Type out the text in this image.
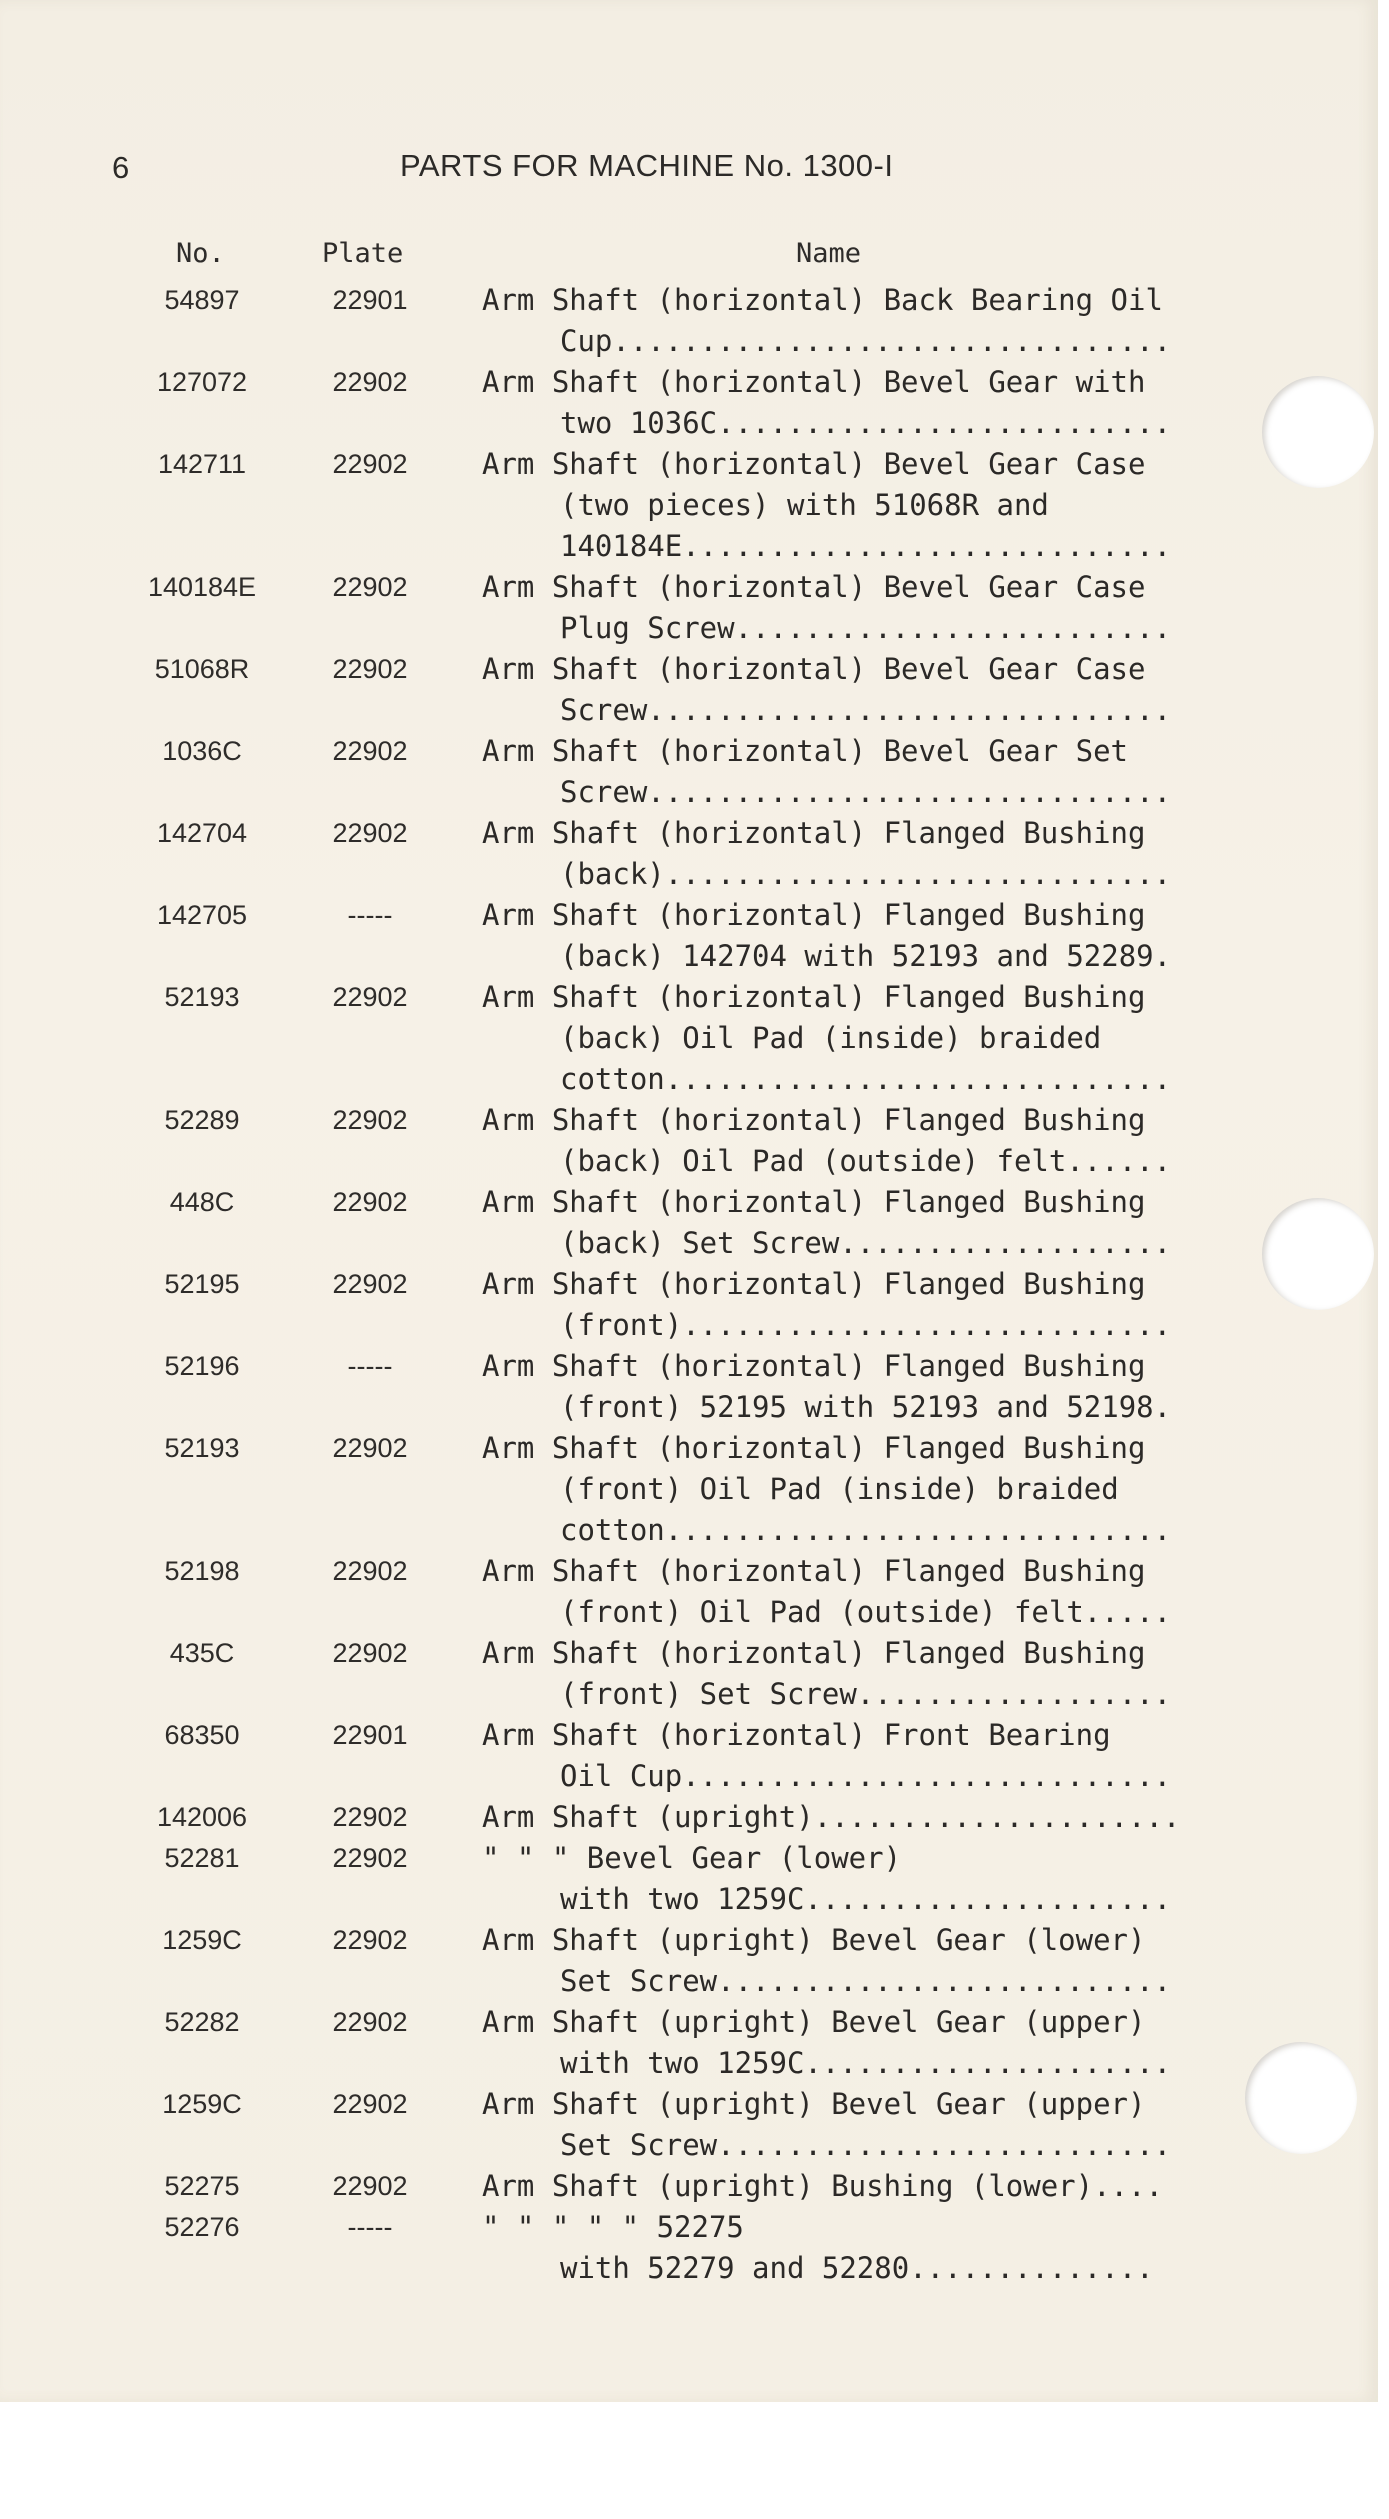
6	PARTS FOR MACHINE No. 1300-I
No.	Plate	Name
54897	22901	Arm Shaft (horizontal) Back Bearing Oil
Cup................................
127072	22902	Arm Shaft (horizontal) Bevel Gear with
two 1036C..........................
142711	22902	Arm Shaft (horizontal) Bevel Gear Case
(two pieces) with 51068R and
140184E............................
140184E	22902	Arm Shaft (horizontal) Bevel Gear Case
Plug Screw.........................
51068R	22902	Arm Shaft (horizontal) Bevel Gear Case
Screw..............................
1036C	22902	Arm Shaft (horizontal) Bevel Gear Set
Screw..............................
142704	22902	Arm Shaft (horizontal) Flanged Bushing
(back).............................
142705	-----	Arm Shaft (horizontal) Flanged Bushing
(back) 142704 with 52193 and 52289.
52193	22902	Arm Shaft (horizontal) Flanged Bushing
(back) Oil Pad (inside) braided
cotton.............................
52289	22902	Arm Shaft (horizontal) Flanged Bushing
(back) Oil Pad (outside) felt......
448C	22902	Arm Shaft (horizontal) Flanged Bushing
(back) Set Screw...................
52195	22902	Arm Shaft (horizontal) Flanged Bushing
(front)............................
52196	-----	Arm Shaft (horizontal) Flanged Bushing
(front) 52195 with 52193 and 52198.
52193	22902	Arm Shaft (horizontal) Flanged Bushing
(front) Oil Pad (inside) braided
cotton.............................
52198	22902	Arm Shaft (horizontal) Flanged Bushing
(front) Oil Pad (outside) felt.....
435C	22902	Arm Shaft (horizontal) Flanged Bushing
(front) Set Screw..................
68350	22901	Arm Shaft (horizontal) Front Bearing
Oil Cup............................
142006	22902	Arm Shaft (upright).....................
52281	22902	" " " Bevel Gear (lower)
with two 1259C.....................
1259C	22902	Arm Shaft (upright) Bevel Gear (lower)
Set Screw..........................
52282	22902	Arm Shaft (upright) Bevel Gear (upper)
with two 1259C.....................
1259C	22902	Arm Shaft (upright) Bevel Gear (upper)
Set Screw..........................
52275	22902	Arm Shaft (upright) Bushing (lower)....
52276	-----	" " " " " 52275
with 52279 and 52280..............
